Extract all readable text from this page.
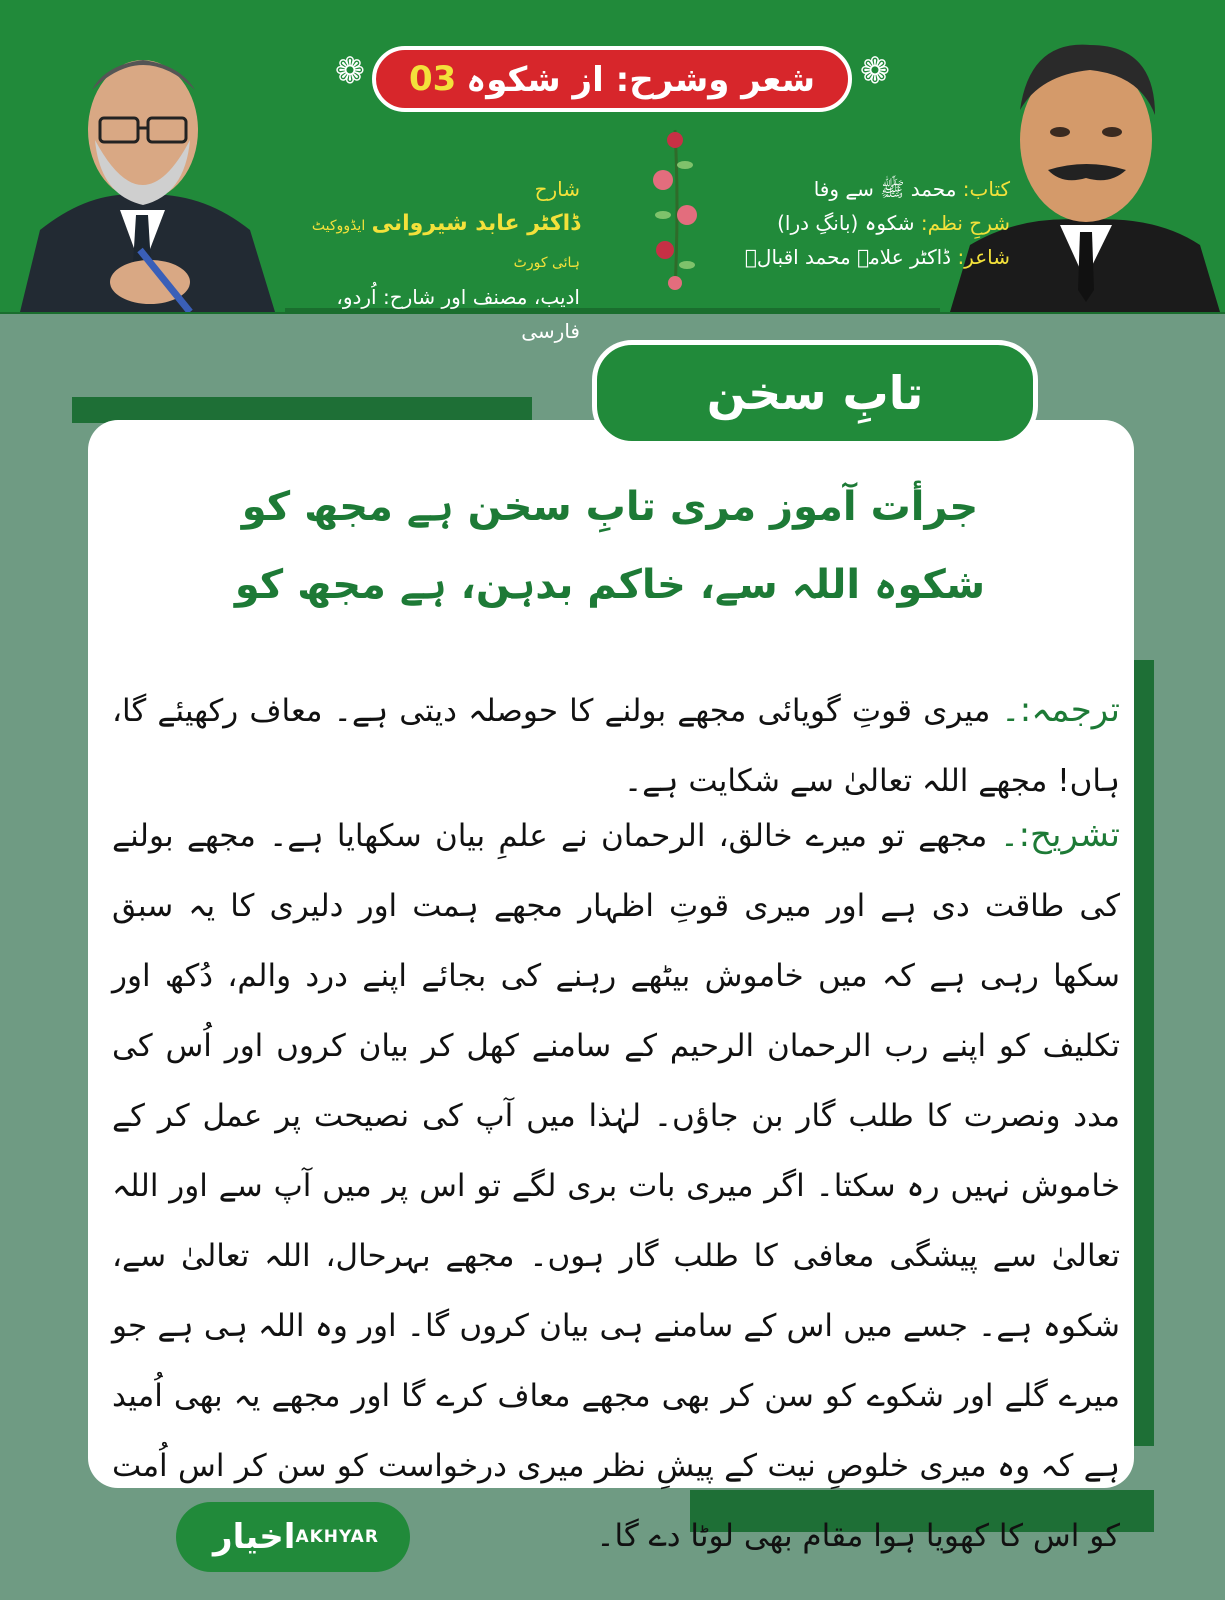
❁	❁
شعر وشرح: از شکوہ
03
شارح
ڈاکٹر عابد شیروانی ایڈووکیٹ ہائی کورٹ
ادیب، مصنف اور شارح: اُردو، فارسی
کتاب: محمد ﷺ سے وفا
شرحِ نظم: شکوہ (بانگِ درا)
شاعر: ڈاکٹر علامہ محمد اقبالؒ
تابِ سخن
جرأت آموز مری تابِ سخن ہے مجھ کو
شکوہ اللہ سے، خاکم بدہن، ہے مجھ کو
ترجمہ:۔ میری قوتِ گویائی مجھے بولنے کا حوصلہ دیتی ہے۔ معاف رکھیئے گا، ہاں! مجھے اللہ تعالیٰ سے شکایت ہے۔
تشریح:۔ مجھے تو میرے خالق، الرحمان نے علمِ بیان سکھایا ہے۔ مجھے بولنے کی طاقت دی ہے اور میری قوتِ اظہار مجھے ہمت اور دلیری کا یہ سبق سکھا رہی ہے کہ میں خاموش بیٹھے رہنے کی بجائے اپنے درد والم، دُکھ اور تکلیف کو اپنے رب الرحمان الرحیم کے سامنے کھل کر بیان کروں اور اُس کی مدد ونصرت کا طلب گار بن جاؤں۔ لہٰذا میں آپ کی نصیحت پر عمل کر کے خاموش نہیں رہ سکتا۔ اگر میری بات بری لگے تو اس پر میں آپ سے اور اللہ تعالیٰ سے پیشگی معافی کا طلب گار ہوں۔ مجھے بہرحال، اللہ تعالیٰ سے، شکوہ ہے۔ جسے میں اس کے سامنے ہی بیان کروں گا۔ اور وہ اللہ ہی ہے جو میرے گلے اور شکوے کو سن کر بھی مجھے معاف کرے گا اور مجھے یہ بھی اُمید ہے کہ وہ میری خلوصِ نیت کے پیشِ نظر میری درخواست کو سن کر اس اُمت کو اس کا کھویا ہوا مقام بھی لوٹا دے گا۔
اخیار AKHYAR
